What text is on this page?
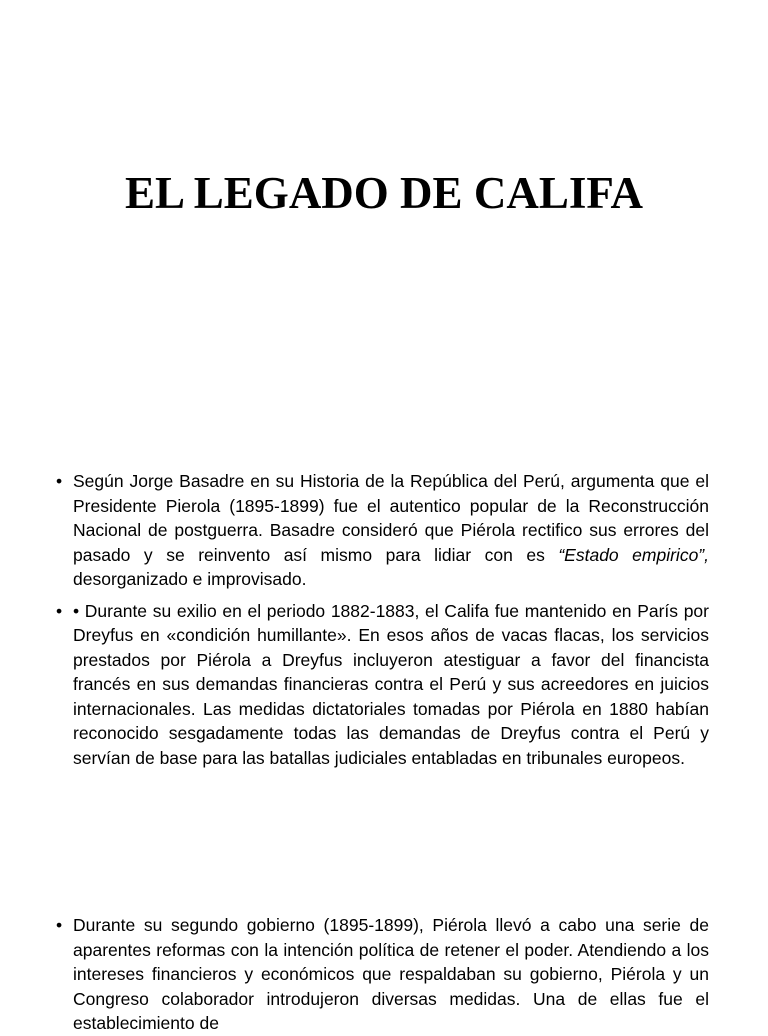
EL LEGADO DE CALIFA
• Según Jorge Basadre en su Historia de la República del Perú, argumenta que el Presidente Pierola (1895-1899) fue el autentico popular de la Reconstrucción Nacional de postguerra. Basadre consideró que Piérola rectifico sus errores del pasado y se reinvento así mismo para lidiar con es “Estado empirico”, desorganizado e improvisado.
• • Durante su exilio en el periodo 1882-1883, el Califa fue mantenido en París por Dreyfus en «condición humillante». En esos años de vacas flacas, los servicios prestados por Piérola a Dreyfus incluyeron atestiguar a favor del financista francés en sus demandas financieras contra el Perú y sus acreedores en juicios internacionales. Las medidas dictatoriales tomadas por Piérola en 1880 habían reconocido sesgadamente todas las demandas de Dreyfus contra el Perú y servían de base para las batallas judiciales entabladas en tribunales europeos.
• Durante su segundo gobierno (1895-1899), Piérola llevó a cabo una serie de aparentes reformas con la intención política de retener el poder. Atendiendo a los intereses financieros y económicos que respaldaban su gobierno, Piérola y un Congreso colaborador introdujeron diversas medidas. Una de ellas fue el establecimiento de
